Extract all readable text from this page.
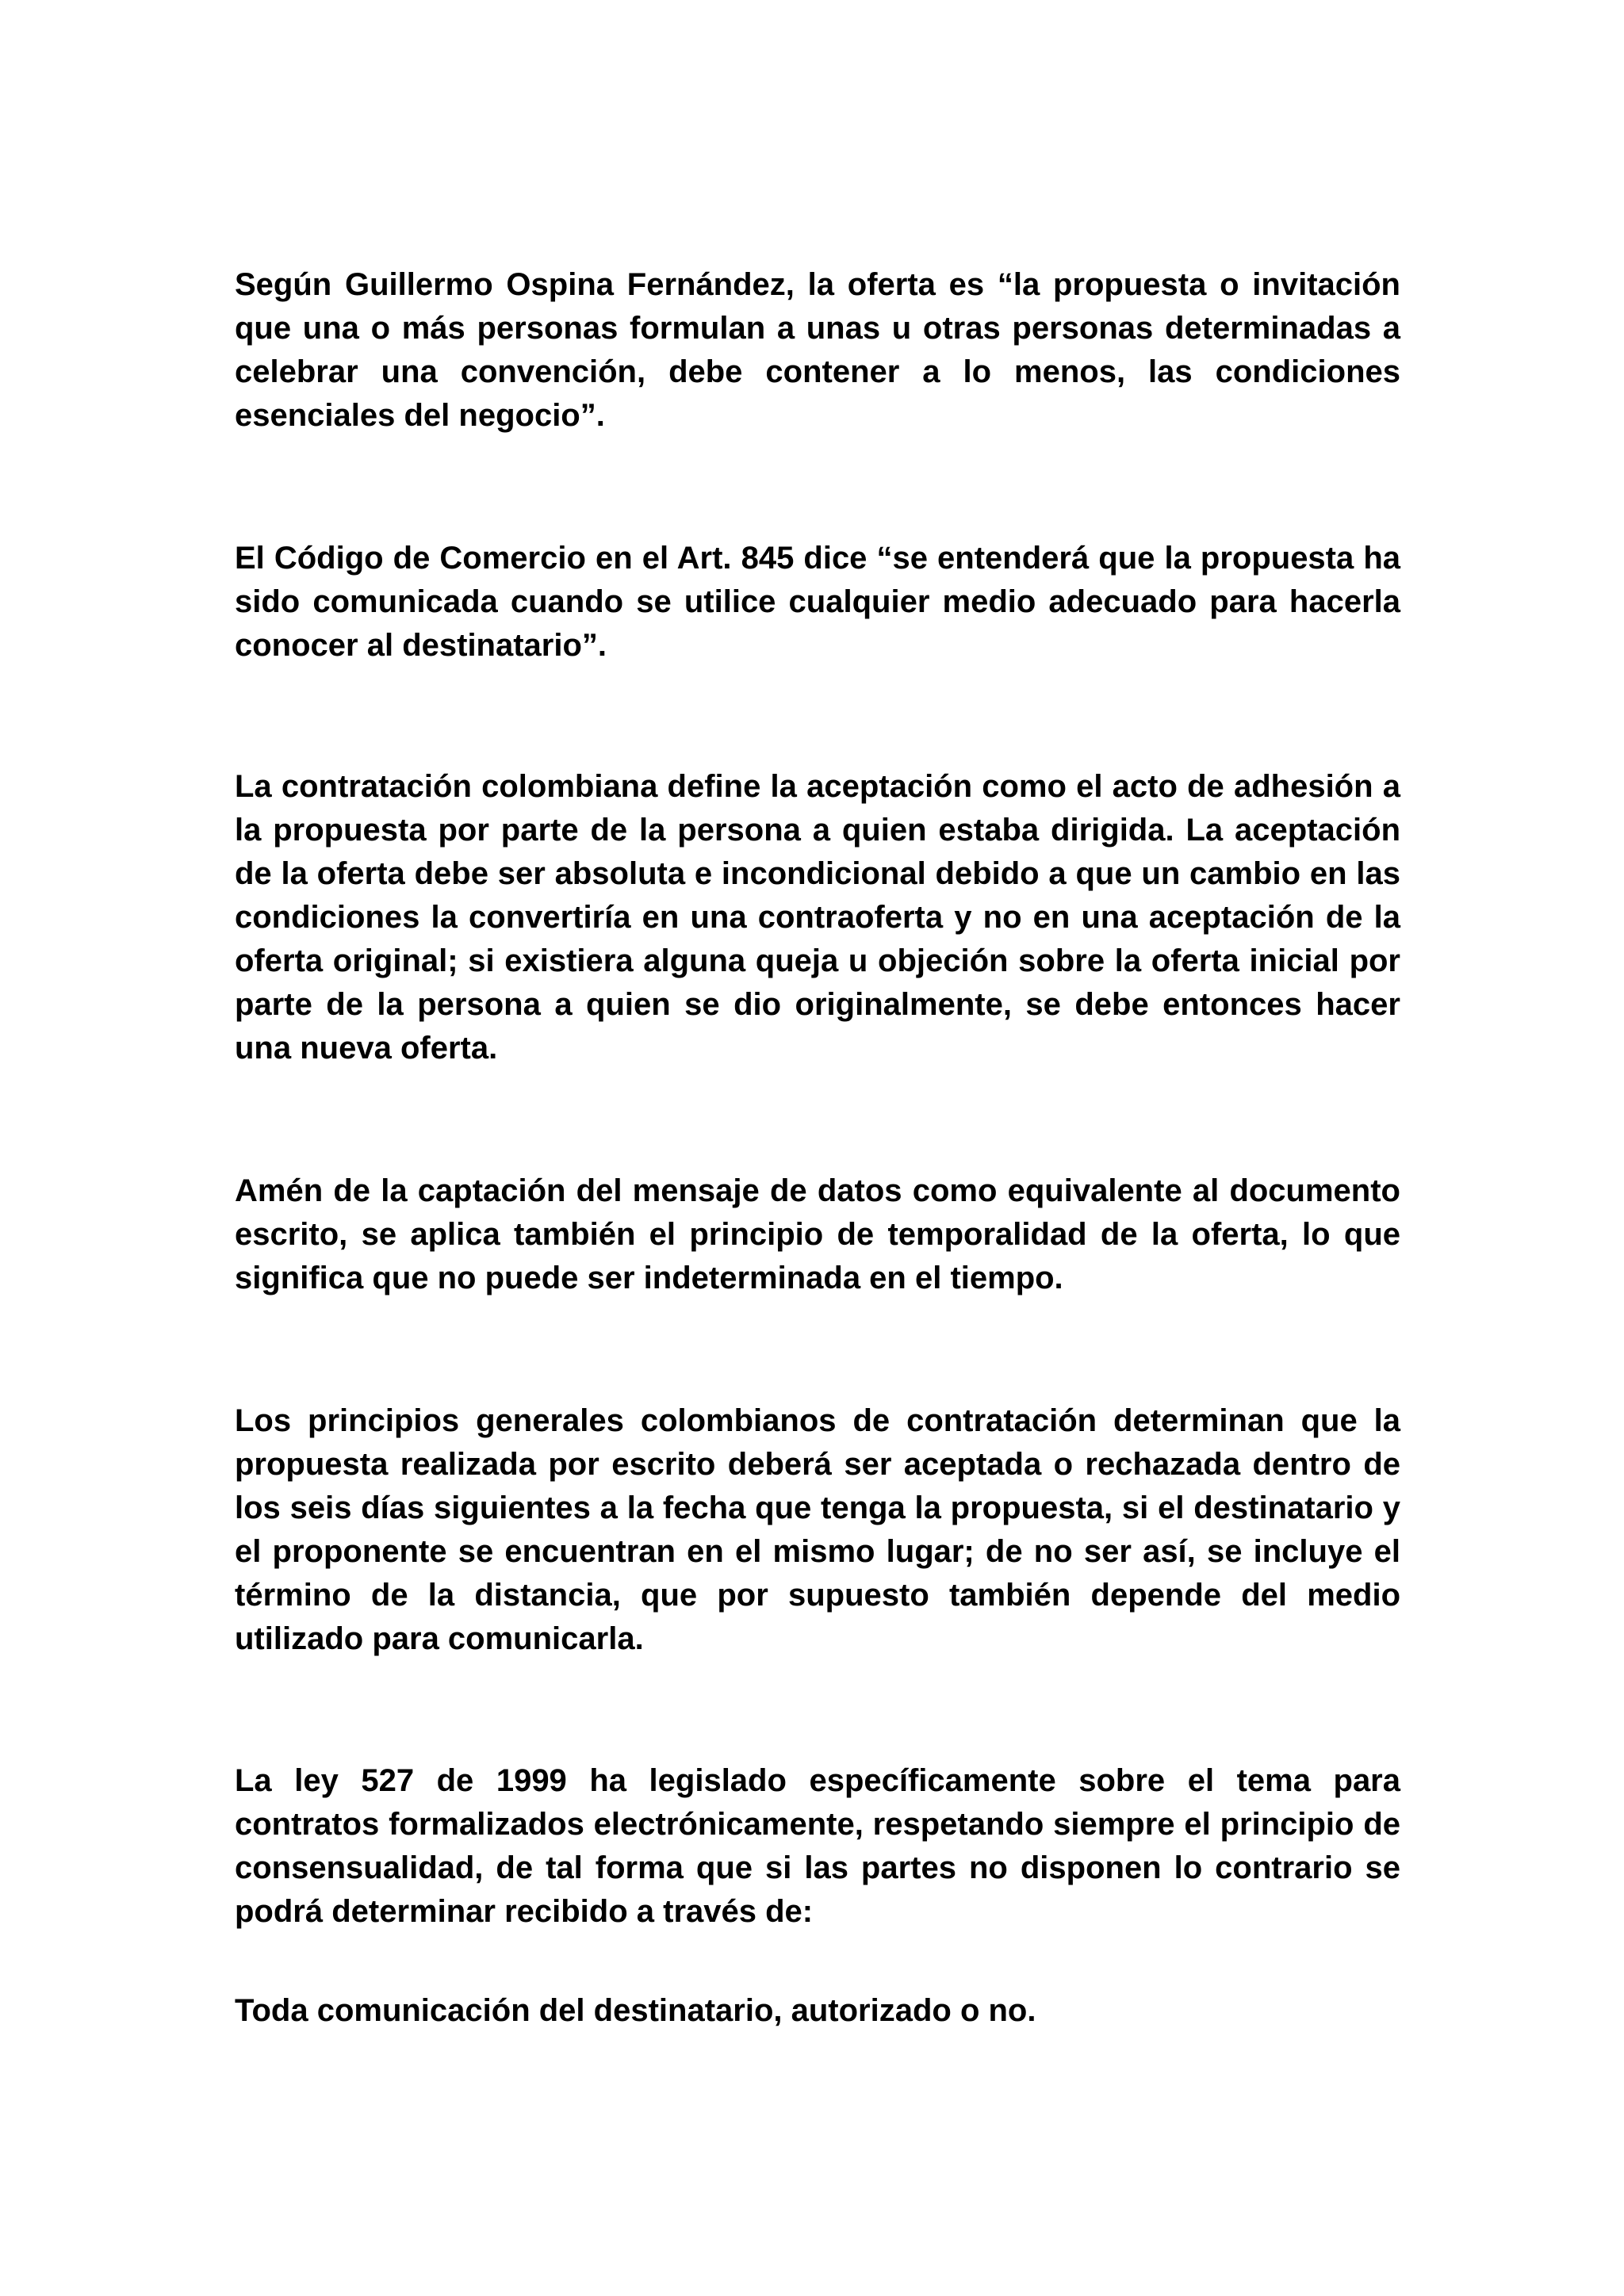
Según Guillermo Ospina Fernández, la oferta es “la propuesta o invitación que una o más personas formulan a unas u otras personas determinadas a celebrar una convención, debe contener a lo menos, las condiciones esenciales del negocio”.

El Código de Comercio en el Art. 845 dice “se entenderá que la propuesta ha sido comunicada cuando se utilice cualquier medio adecuado para hacerla conocer al destinatario”.

La contratación colombiana define la aceptación como el acto de adhesión a la propuesta por parte de la persona a quien estaba dirigida. La aceptación de la oferta debe ser absoluta e incondicional debido a que un cambio en las condiciones la convertiría en una contraoferta y no en una aceptación de la oferta original; si existiera alguna queja u objeción sobre la oferta inicial por parte de la persona a quien se dio originalmente, se debe entonces hacer una nueva oferta.

Amén de la captación del mensaje de datos como equivalente al documento escrito, se aplica también el principio de temporalidad de la oferta, lo que significa que no puede ser indeterminada en el tiempo.

Los principios generales colombianos de contratación determinan que la propuesta realizada por escrito deberá ser aceptada o rechazada dentro de los seis días siguientes a la fecha que tenga la propuesta, si el destinatario y el proponente se encuentran en el mismo lugar; de no ser así, se incluye el término de la distancia, que por supuesto también depende del medio utilizado para comunicarla.

La ley 527 de 1999 ha legislado específicamente sobre el tema para contratos formalizados electrónicamente, respetando siempre el principio de consensualidad, de tal forma que si las partes no disponen lo contrario se podrá determinar recibido a través de:

Toda comunicación del destinatario, autorizado o no.
